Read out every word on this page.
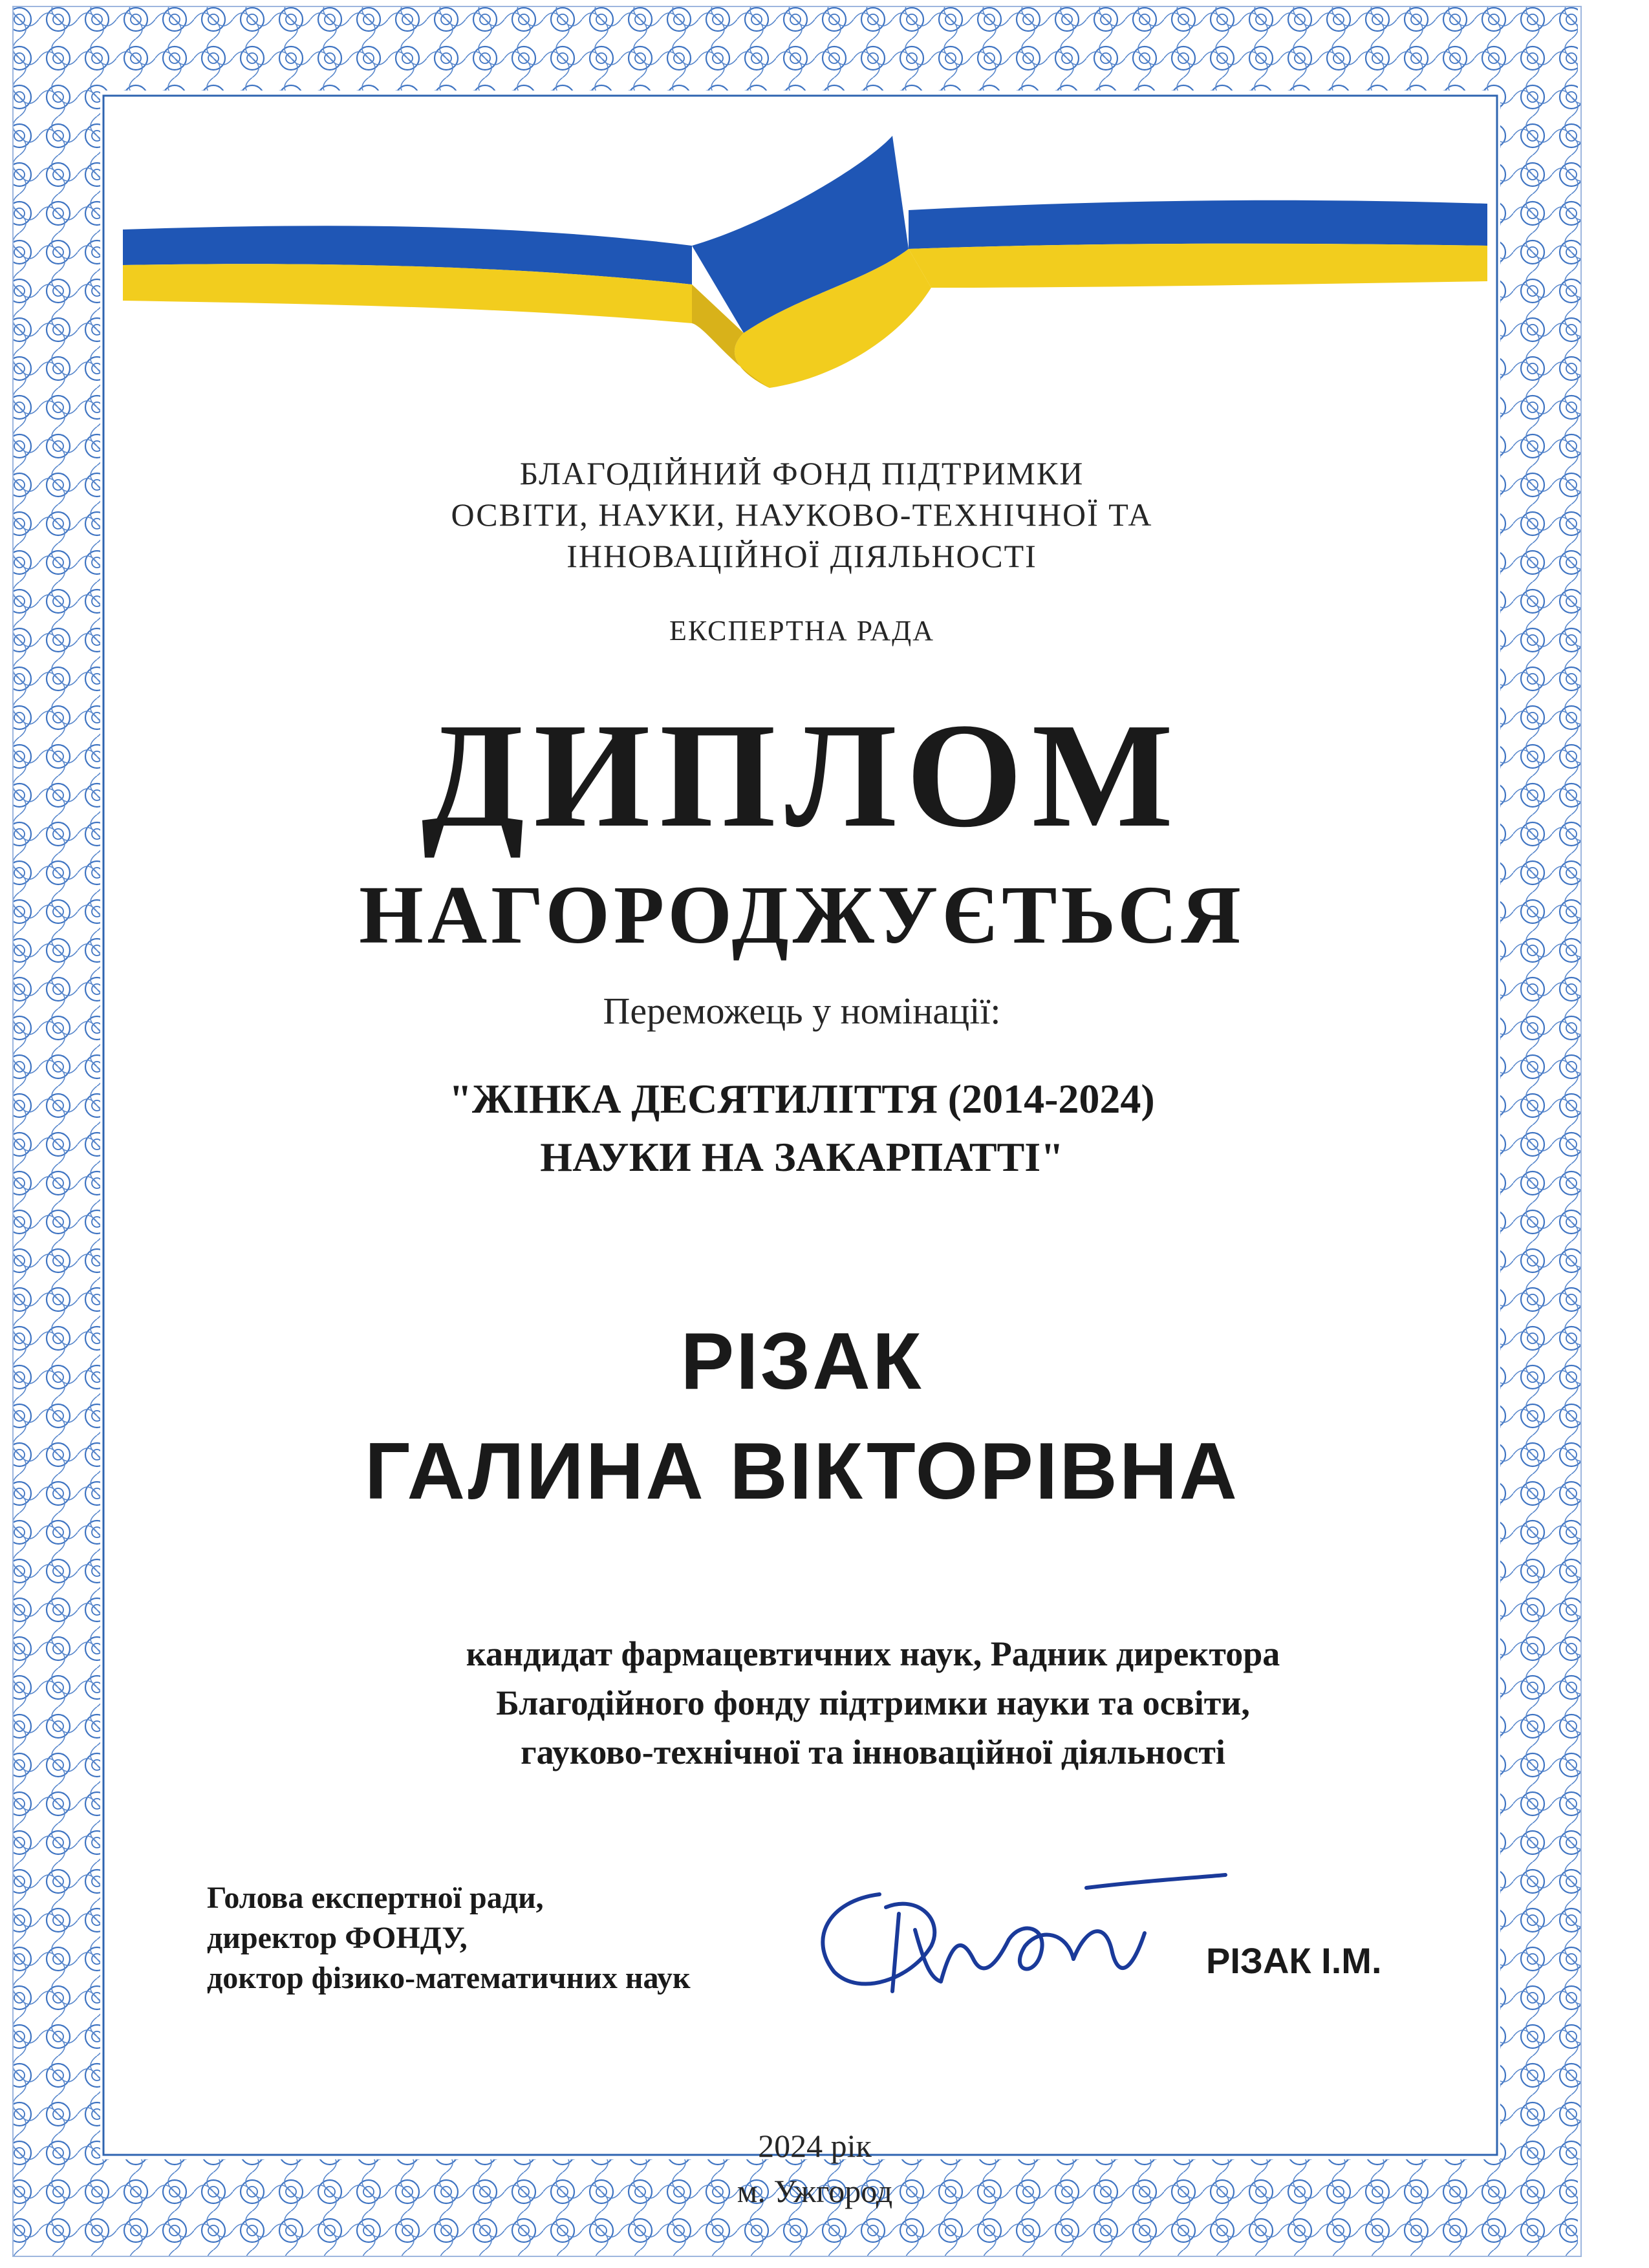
БЛАГОДІЙНИЙ ФОНД ПІДТРИМКИ
ОСВІТИ, НАУКИ, НАУКОВО-ТЕХНІЧНОЇ ТА
ІННОВАЦІЙНОЇ ДІЯЛЬНОСТІ
ЕКСПЕРТНА РАДА
ДИПЛОМ
НАГОРОДЖУЄТЬСЯ
Переможець у номінації:
"ЖІНКА ДЕСЯТИЛІТТЯ (2014-2024)
НАУКИ НА ЗАКАРПАТТІ"
РІЗАК
ГАЛИНА ВІКТОРІВНА
кандидат фармацевтичних наук, Радник директора
Благодійного фонду підтримки науки та освіти,
гауково-технічної та інноваційної діяльності
Голова експертної ради,
директор ФОНДУ,
доктор фізико-математичних наук	РІЗАК І.М.
2024 рік
м. Ужгород
